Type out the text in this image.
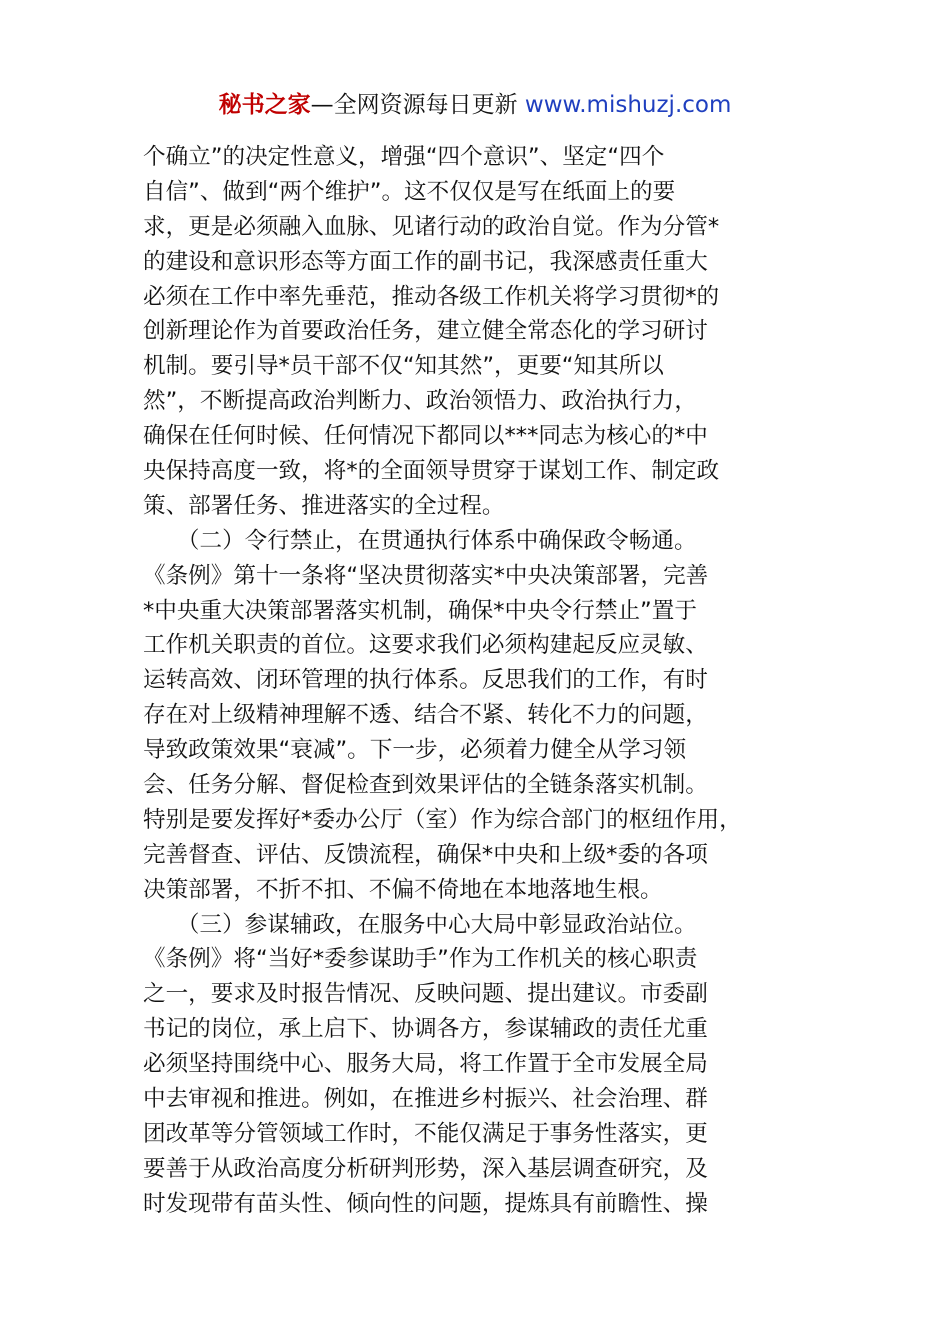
秘书之家—全网资源每日更新 www.mishuzj.com
个确立”的决定性意义，增强“四个意识”、坚定“四个
自信”、做到“两个维护”。这不仅仅是写在纸面上的要
求，更是必须融入血脉、见诸行动的政治自觉。作为分管*
的建设和意识形态等方面工作的副书记，我深感责任重大
必须在工作中率先垂范，推动各级工作机关将学习贯彻*的
创新理论作为首要政治任务，建立健全常态化的学习研讨
机制。要引导*员干部不仅“知其然”，更要“知其所以
然”，不断提高政治判断力、政治领悟力、政治执行力，
确保在任何时候、任何情况下都同以***同志为核心的*中
央保持高度一致，将*的全面领导贯穿于谋划工作、制定政
策、部署任务、推进落实的全过程。
　　（二）令行禁止，在贯通执行体系中确保政令畅通。
《条例》第十一条将“坚决贯彻落实*中央决策部署，完善
*中央重大决策部署落实机制，确保*中央令行禁止”置于
工作机关职责的首位。这要求我们必须构建起反应灵敏、
运转高效、闭环管理的执行体系。反思我们的工作，有时
存在对上级精神理解不透、结合不紧、转化不力的问题，
导致政策效果“衰减”。下一步，必须着力健全从学习领
会、任务分解、督促检查到效果评估的全链条落实机制。
特别是要发挥好*委办公厅（室）作为综合部门的枢纽作用，
完善督查、评估、反馈流程，确保*中央和上级*委的各项
决策部署，不折不扣、不偏不倚地在本地落地生根。
　　（三）参谋辅政，在服务中心大局中彰显政治站位。
《条例》将“当好*委参谋助手”作为工作机关的核心职责
之一，要求及时报告情况、反映问题、提出建议。市委副
书记的岗位，承上启下、协调各方，参谋辅政的责任尤重
必须坚持围绕中心、服务大局，将工作置于全市发展全局
中去审视和推进。例如，在推进乡村振兴、社会治理、群
团改革等分管领域工作时，不能仅满足于事务性落实，更
要善于从政治高度分析研判形势，深入基层调查研究，及
时发现带有苗头性、倾向性的问题，提炼具有前瞻性、操
